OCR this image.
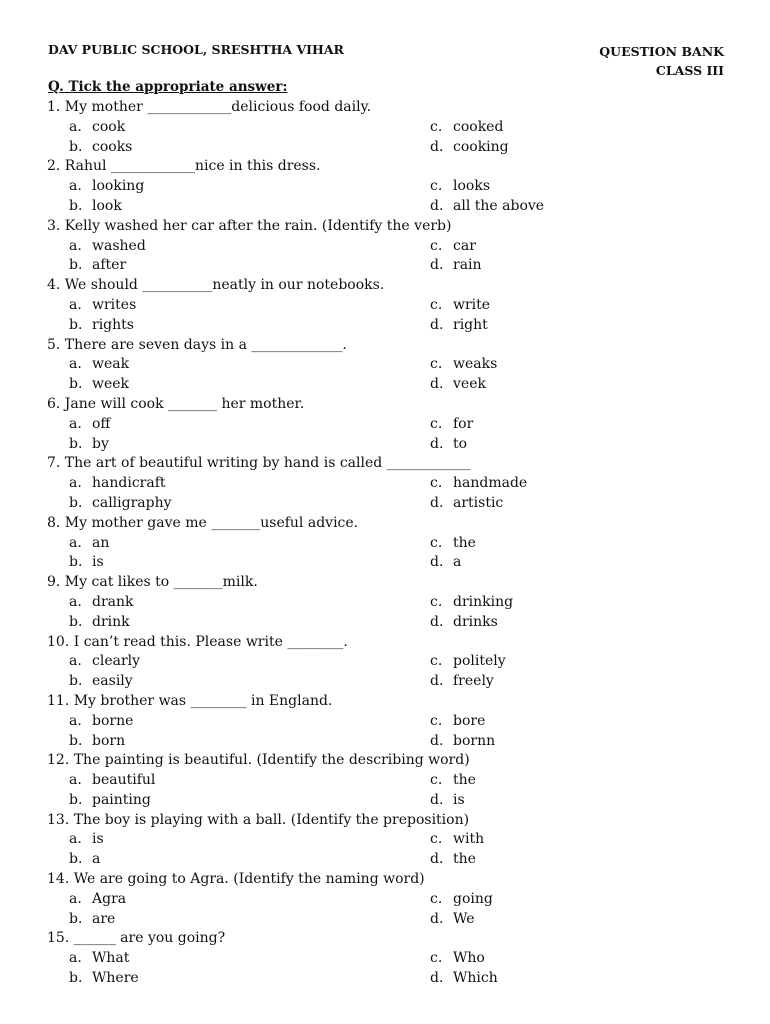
DAV PUBLIC SCHOOL, SRESHTHA VIHAR	QUESTION BANK
CLASS III
Q. Tick the appropriate answer:
1. My mother ____________delicious food daily.
a. cook	c. cooked
b. cooks	d. cooking
2. Rahul ____________nice in this dress.
a. looking	c. looks
b. look	d. all the above
3. Kelly washed her car after the rain. (Identify the verb)
a. washed	c. car
b. after	d. rain
4. We should __________neatly in our notebooks.
a. writes	c. write
b. rights	d. right
5. There are seven days in a _____________.
a. weak	c. weaks
b. week	d. veek
6. Jane will cook _______ her mother.
a. off	c. for
b. by	d. to
7. The art of beautiful writing by hand is called ____________
a. handicraft	c. handmade
b. calligraphy	d. artistic
8. My mother gave me _______useful advice.
a. an	c. the
b. is	d. a
9. My cat likes to _______milk.
a. drank	c. drinking
b. drink	d. drinks
10. I can’t read this. Please write ________.
a. clearly	c. politely
b. easily	d. freely
11. My brother was ________ in England.
a. borne	c. bore
b. born	d. bornn
12. The painting is beautiful. (Identify the describing word)
a. beautiful	c. the
b. painting	d. is
13. The boy is playing with a ball. (Identify the preposition)
a. is	c. with
b. a	d. the
14. We are going to Agra. (Identify the naming word)
a. Agra	c. going
b. are	d. We
15. ______ are you going?
a. What	c. Who
b. Where	d. Which
